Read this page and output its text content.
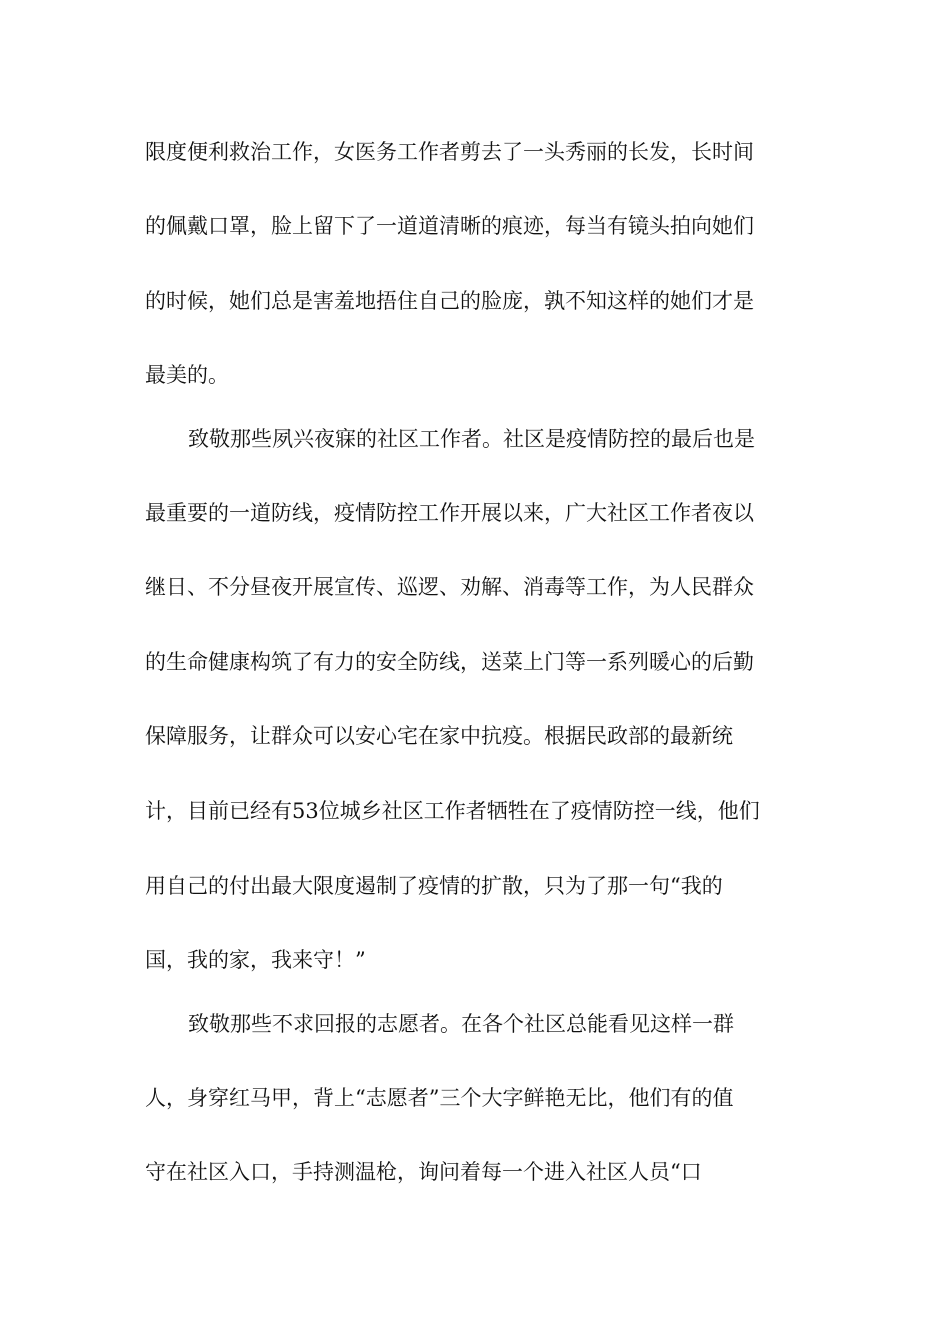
限度便利救治工作，女医务工作者剪去了一头秀丽的长发，长时间
的佩戴口罩，脸上留下了一道道清晰的痕迹，每当有镜头拍向她们
的时候，她们总是害羞地捂住自己的脸庞，孰不知这样的她们才是
最美的。
致敬那些夙兴夜寐的社区工作者。社区是疫情防控的最后也是
最重要的一道防线，疫情防控工作开展以来，广大社区工作者夜以
继日、不分昼夜开展宣传、巡逻、劝解、消毒等工作，为人民群众
的生命健康构筑了有力的安全防线，送菜上门等一系列暖心的后勤
保障服务，让群众可以安心宅在家中抗疫。根据民政部的最新统
计，目前已经有53位城乡社区工作者牺牲在了疫情防控一线，他们
用自己的付出最大限度遏制了疫情的扩散，只为了那一句“我的
国，我的家，我来守！”
致敬那些不求回报的志愿者。在各个社区总能看见这样一群
人，身穿红马甲，背上“志愿者”三个大字鲜艳无比，他们有的值
守在社区入口，手持测温枪，询问着每一个进入社区人员“口
